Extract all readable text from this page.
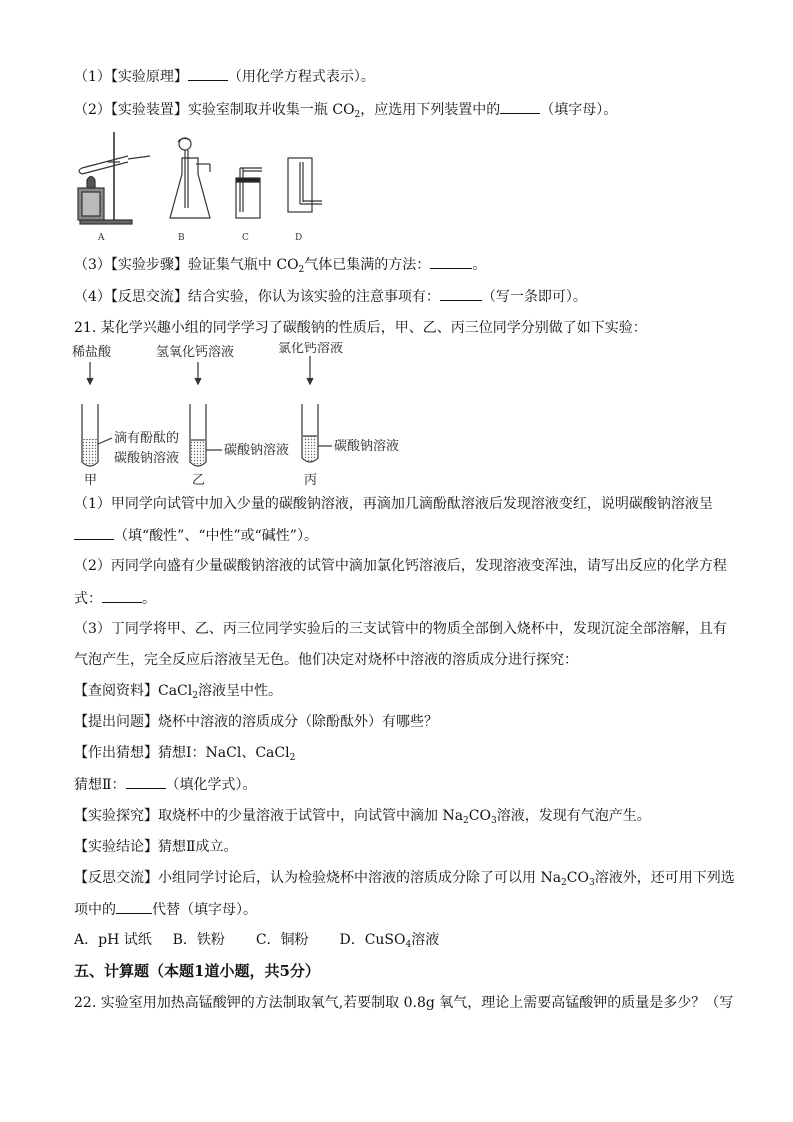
（1）【实验原理】	（用化学方程式表示）。
（2）【实验装置】实验室制取并收集一瓶 $CO_2$，应选用下列装置中的	（填字母）。
A	B	C	D
（3）【实验步骤】验证集气瓶中 $CO_2$气体已集满的方法：	。
（4）【反思交流】结合实验，你认为该实验的注意事项有：	（写一条即可）。
21. 某化学兴趣小组的同学学习了碳酸钠的性质后，甲、乙、丙三位同学分别做了如下实验：
稀盐酸
滴有酚酞的
碳酸钠溶液
甲
氢氧化钙溶液
碳酸钠溶液
乙
氯化钙溶液
碳酸钠溶液
丙
（1）甲同学向试管中加入少量的碳酸钠溶液，再滴加几滴酚酞溶液后发现溶液变红，说明碳酸钠溶液呈
（填“酸性”、“中性”或“碱性”）。
（2）丙同学向盛有少量碳酸钠溶液的试管中滴加氯化钙溶液后，发现溶液变浑浊，请写出反应的化学方程
式：	。
（3）丁同学将甲、乙、丙三位同学实验后的三支试管中的物质全部倒入烧杯中，发现沉淀全部溶解，且有
气泡产生，完全反应后溶液呈无色。他们决定对烧杯中溶液的溶质成分进行探究：
【查阅资料】CaCl$_2$溶液呈中性。
【提出问题】烧杯中溶液的溶质成分（除酚酞外）有哪些？
【作出猜想】猜想Ⅰ：NaCl、CaCl$_2$
猜想Ⅱ：	（填化学式）。
【实验探究】取烧杯中的少量溶液于试管中，向试管中滴加 $Na_2CO_3$溶液，发现有气泡产生。
【实验结论】猜想Ⅱ成立。
【反思交流】小组同学讨论后，认为检验烧杯中溶液的溶质成分除了可以用 $Na_2CO_3$溶液外，还可用下列选
项中的	代替（填字母）。
A．pH 试纸 B．铁粉 C．铜粉 D．CuSO$_4$溶液
五、计算题（本题1道小题，共5分）
22. 实验室用加热高锰酸钾的方法制取氧气,若要制取 0.8g 氧气，理论上需要高锰酸钾的质量是多少？（写
